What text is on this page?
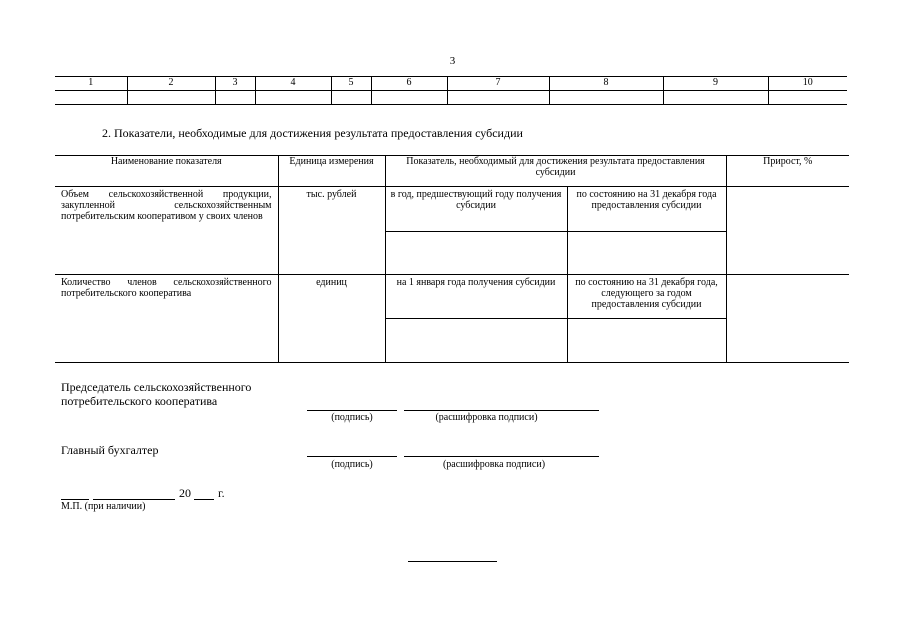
3
1	2	3	4	5	6	7	8	9	10

2. Показатели, необходимые для достижения результата предоставления субсидии
Наименование показателя	Единица измерения	Показатель, необходимый для достижения результата предоставления субсидии		Прирост, %
Объем сельскохозяйственной продукции, закупленной сельскохозяйственным потребительским кооперативом у своих членов	тыс. рублей	в год, предшествующий году получения субсидии	по состоянию на 31 декабря года предоставления субсидии	

Количество членов сельскохозяйственного потребительского кооператива	единиц	на 1 января года получения субсидии	по состоянию на 31 декабря года, следующего за годом предоставления субсидии	

Председатель сельскохозяйственного потребительского кооператива
(подпись)	(расшифровка подписи)
Главный бухгалтер
(подпись)	(расшифровка подписи)
20 г.
М.П. (при наличии)
